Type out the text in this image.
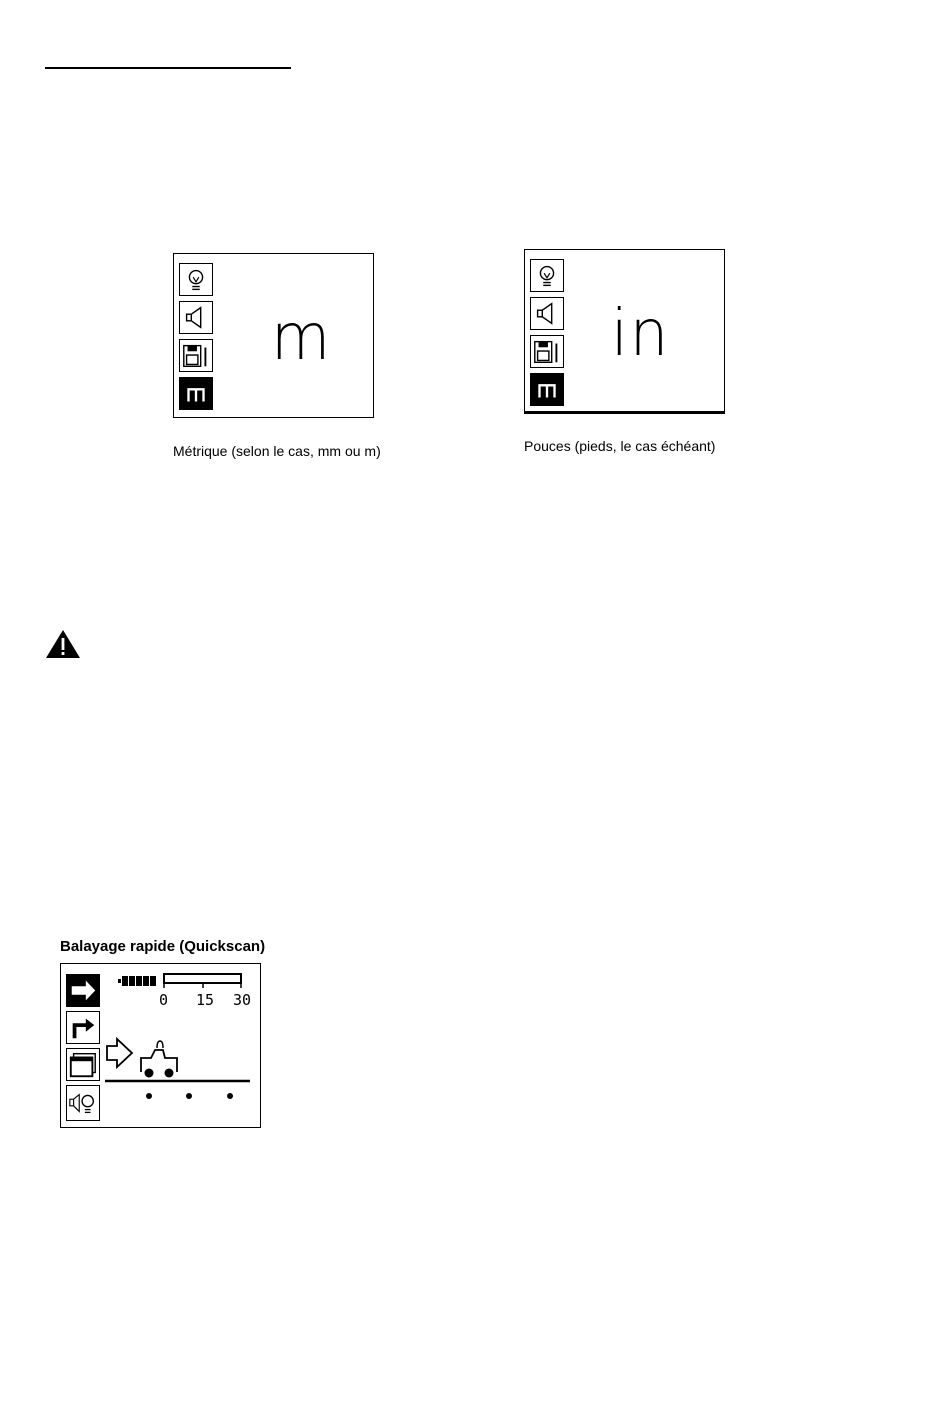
m
Métrique (selon le cas, mm ou m)
in
Pouces (pieds, le cas échéant)
Balayage rapide (Quickscan)
0 15 30
